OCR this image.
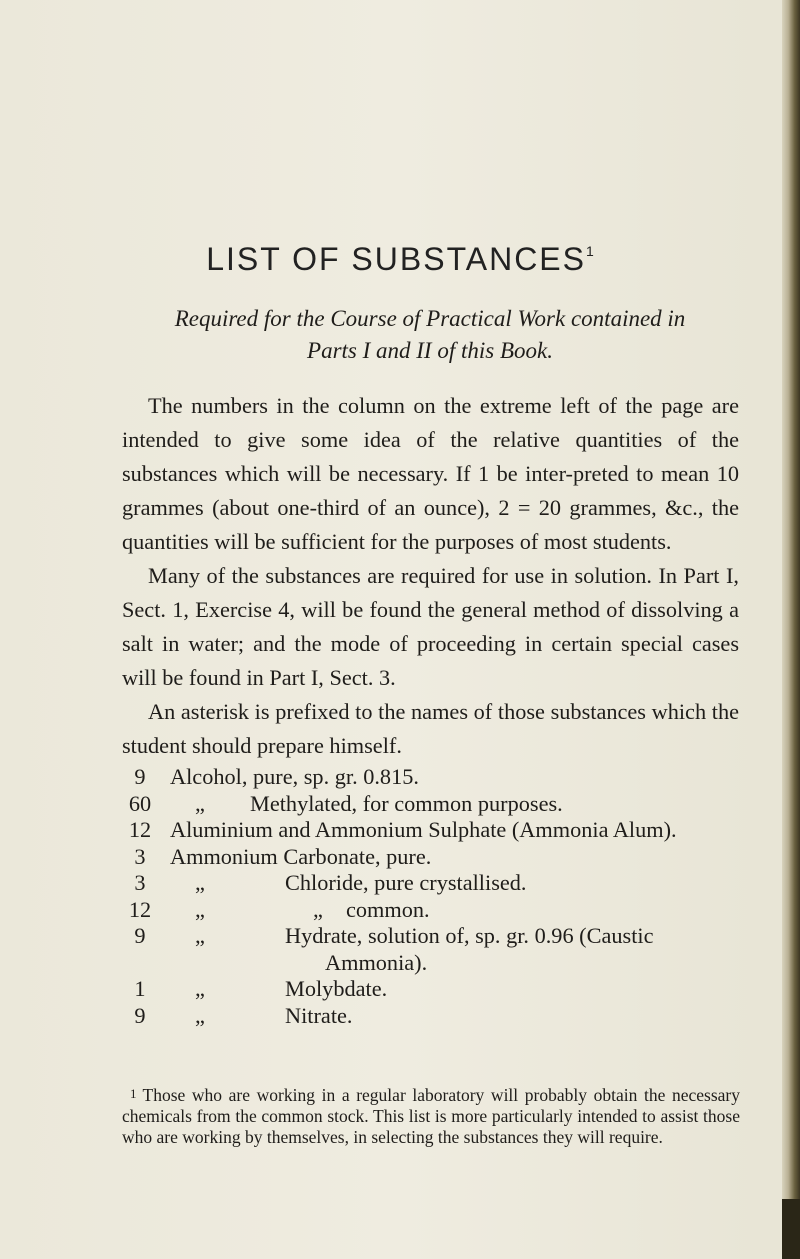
LIST OF SUBSTANCES$^1$
Required for the Course of Practical Work contained in
Parts I and II of this Book.

The numbers in the column on the extreme left of the page are intended to give some idea of the relative quantities of the substances which will be necessary. If 1 be inter-preted to mean 10 grammes (about one-third of an ounce), 2 = 20 grammes, &c., the quantities will be sufficient for the purposes of most students.

Many of the substances are required for use in solution. In Part I, Sect. 1, Exercise 4, will be found the general method of dissolving a salt in water; and the mode of proceeding in certain special cases will be found in Part I, Sect. 3.

An asterisk is prefixed to the names of those substances which the student should prepare himself.

9	Alcohol, pure, sp. gr. 0.815.
60	„ Methylated, for common purposes.
12 Aluminium and Ammonium Sulphate (Ammonia Alum).
3	Ammonium Carbonate, pure.
3	„	Chloride, pure crystallised.
12	„	„ common.
9	„	Hydrate, solution of, sp. gr. 0.96 (Caustic
Ammonia).
1	„	Molybdate.
9	„	Nitrate.
1 Those who are working in a regular laboratory will probably obtain the necessary chemicals from the common stock. This list is more particularly intended to assist those who are working by themselves, in selecting the substances they will require.
